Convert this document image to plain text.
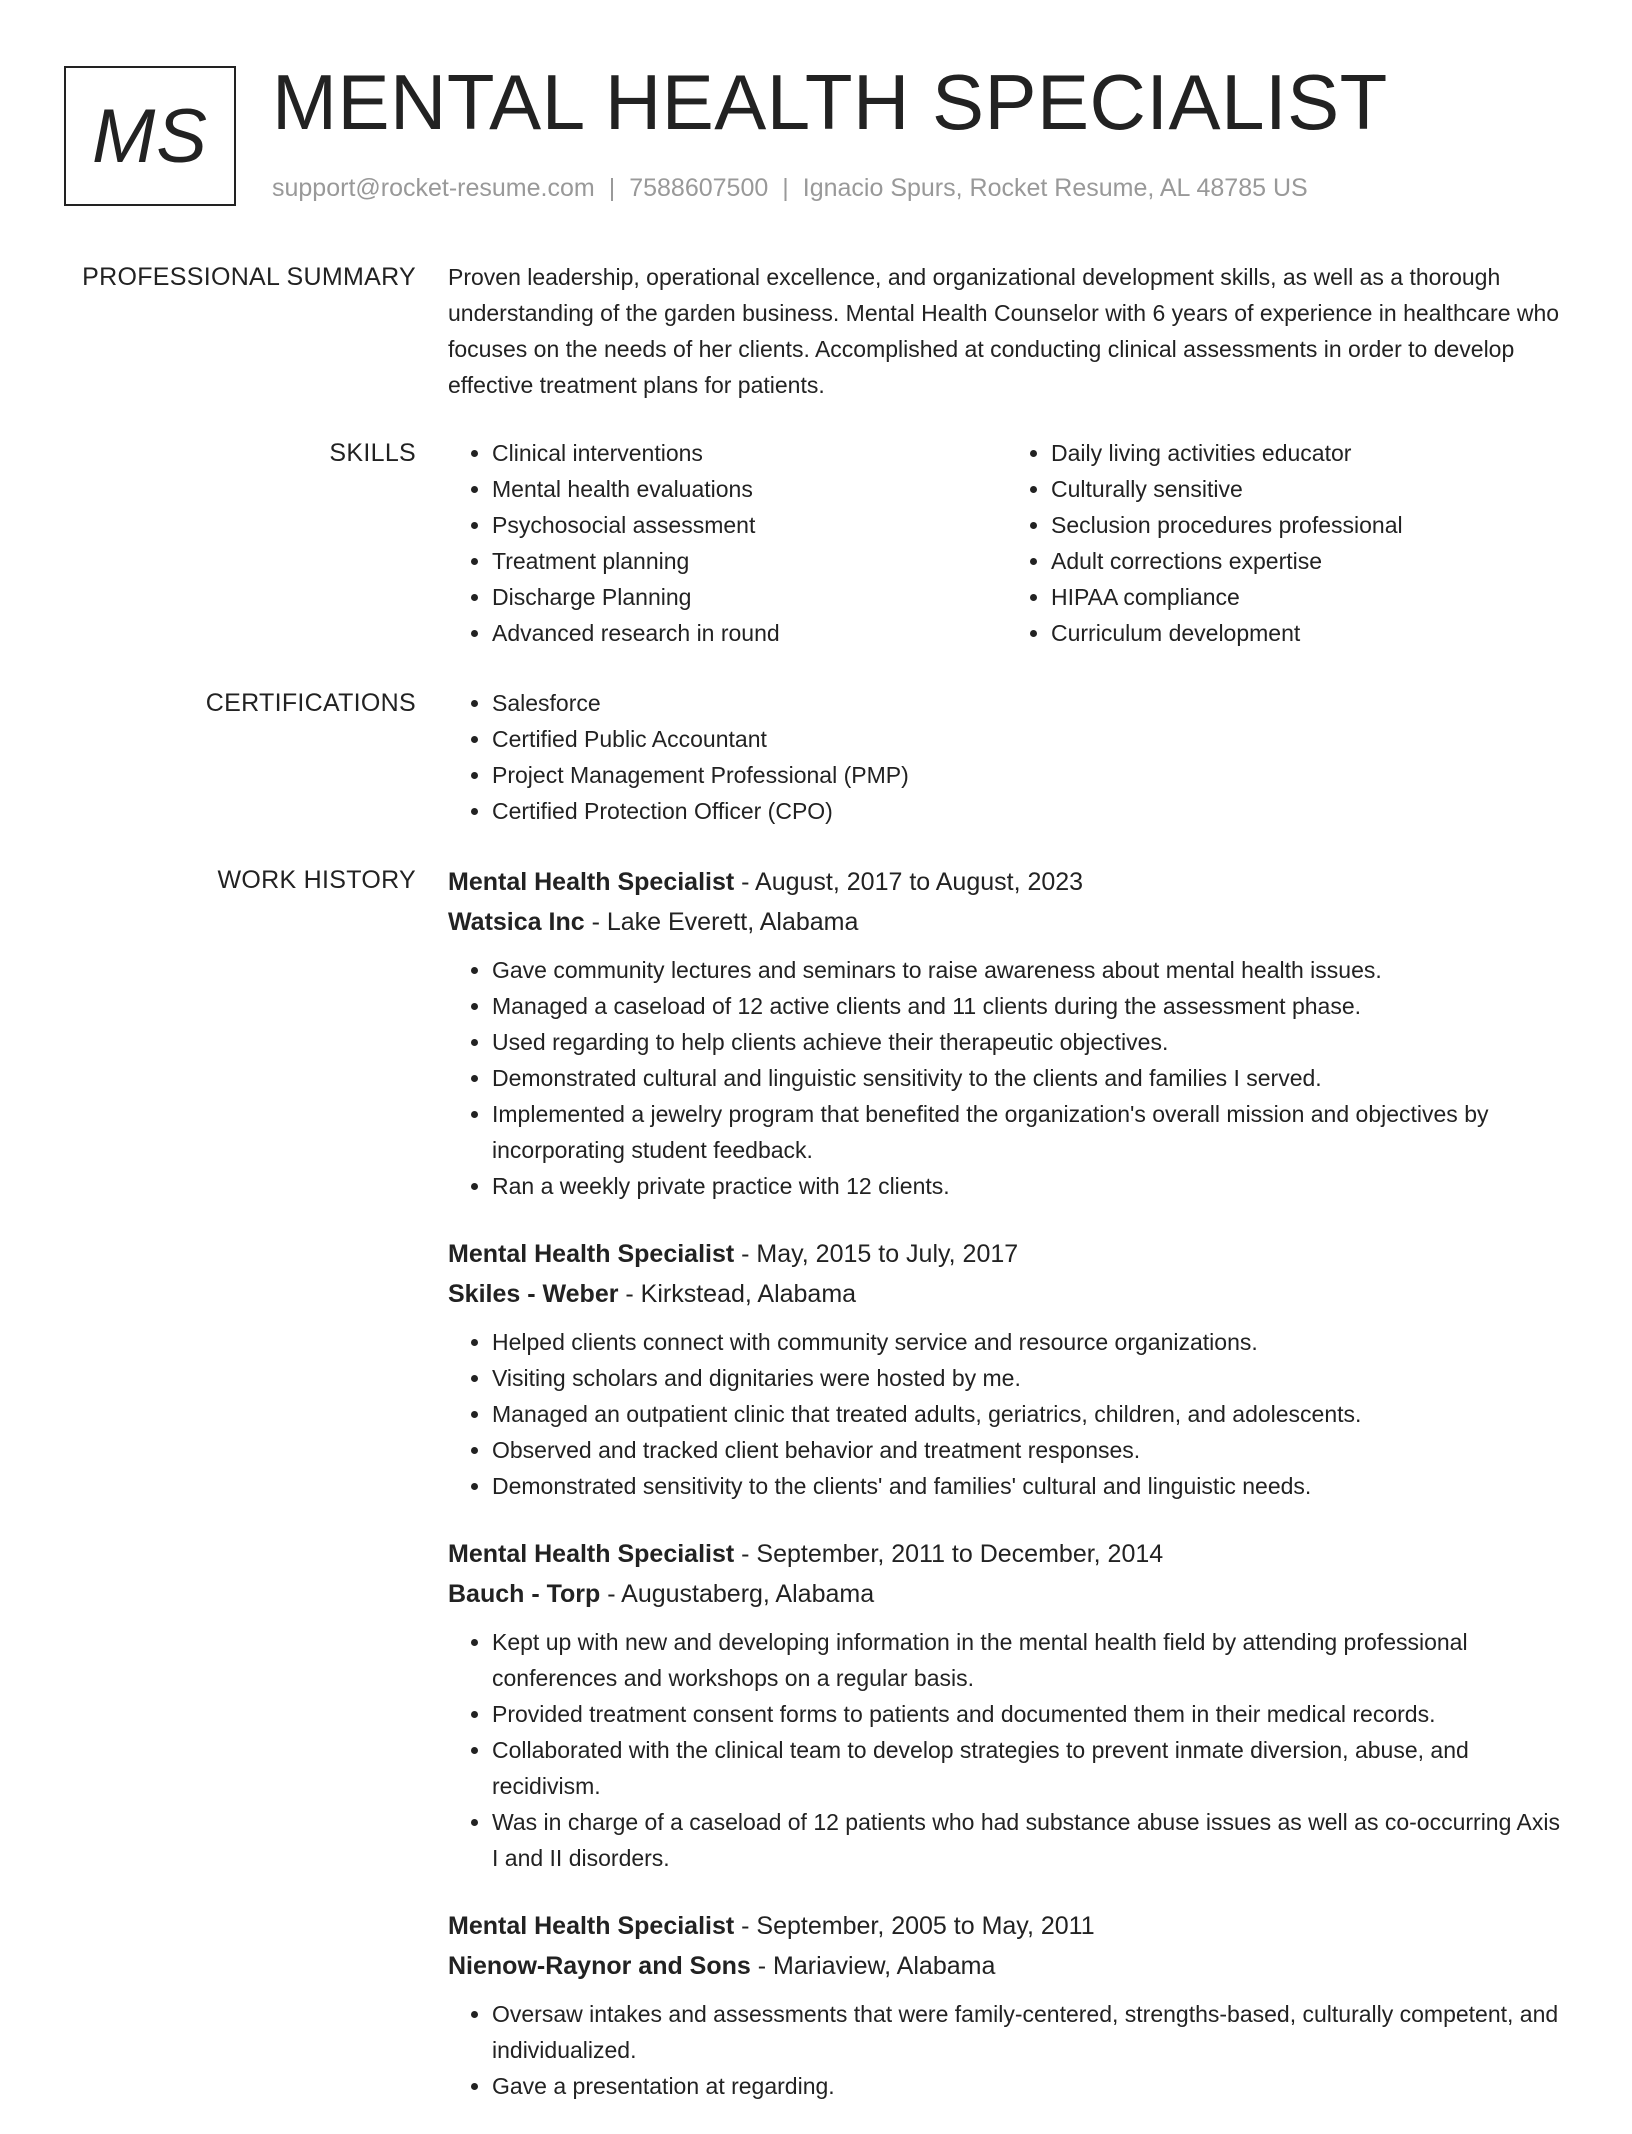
MS MENTAL HEALTH SPECIALIST
support@rocket-resume.com | 7588607500 | Ignacio Spurs, Rocket Resume, AL 48785 US
PROFESSIONAL SUMMARY Proven leadership, operational excellence, and organizational development skills, as well as a thorough understanding of the garden business. Mental Health Counselor with 6 years of experience in healthcare who focuses on the needs of her clients. Accomplished at conducting clinical assessments in order to develop effective treatment plans for patients.

SKILLS	• Clinical interventions
• Mental health evaluations
• Psychosocial assessment
• Treatment planning
• Discharge Planning
• Advanced research in round
• Daily living activities educator
• Culturally sensitive
• Seclusion procedures professional
• Adult corrections expertise
• HIPAA compliance
• Curriculum development
CERTIFICATIONS	• Salesforce
• Certified Public Accountant
• Project Management Professional (PMP)
• Certified Protection Officer (CPO)
WORK HISTORY Mental Health Specialist - August, 2017 to August, 2023
Watsica Inc - Lake Everett, Alabama
• Gave community lectures and seminars to raise awareness about mental health issues.
• Managed a caseload of 12 active clients and 11 clients during the assessment phase.
• Used regarding to help clients achieve their therapeutic objectives.
• Demonstrated cultural and linguistic sensitivity to the clients and families I served.
• Implemented a jewelry program that benefited the organization's overall mission and objectives by incorporating student feedback.
• Ran a weekly private practice with 12 clients.
Mental Health Specialist - May, 2015 to July, 2017
Skiles - Weber - Kirkstead, Alabama
• Helped clients connect with community service and resource organizations.
• Visiting scholars and dignitaries were hosted by me.
• Managed an outpatient clinic that treated adults, geriatrics, children, and adolescents.
• Observed and tracked client behavior and treatment responses.
• Demonstrated sensitivity to the clients' and families' cultural and linguistic needs.
Mental Health Specialist - September, 2011 to December, 2014
Bauch - Torp - Augustaberg, Alabama
• Kept up with new and developing information in the mental health field by attending professional conferences and workshops on a regular basis.
• Provided treatment consent forms to patients and documented them in their medical records.
• Collaborated with the clinical team to develop strategies to prevent inmate diversion, abuse, and recidivism.
• Was in charge of a caseload of 12 patients who had substance abuse issues as well as co-occurring Axis I and II disorders.
Mental Health Specialist - September, 2005 to May, 2011
Nienow-Raynor and Sons - Mariaview, Alabama
• Oversaw intakes and assessments that were family-centered, strengths-based, culturally competent, and individualized.
• Gave a presentation at regarding.
